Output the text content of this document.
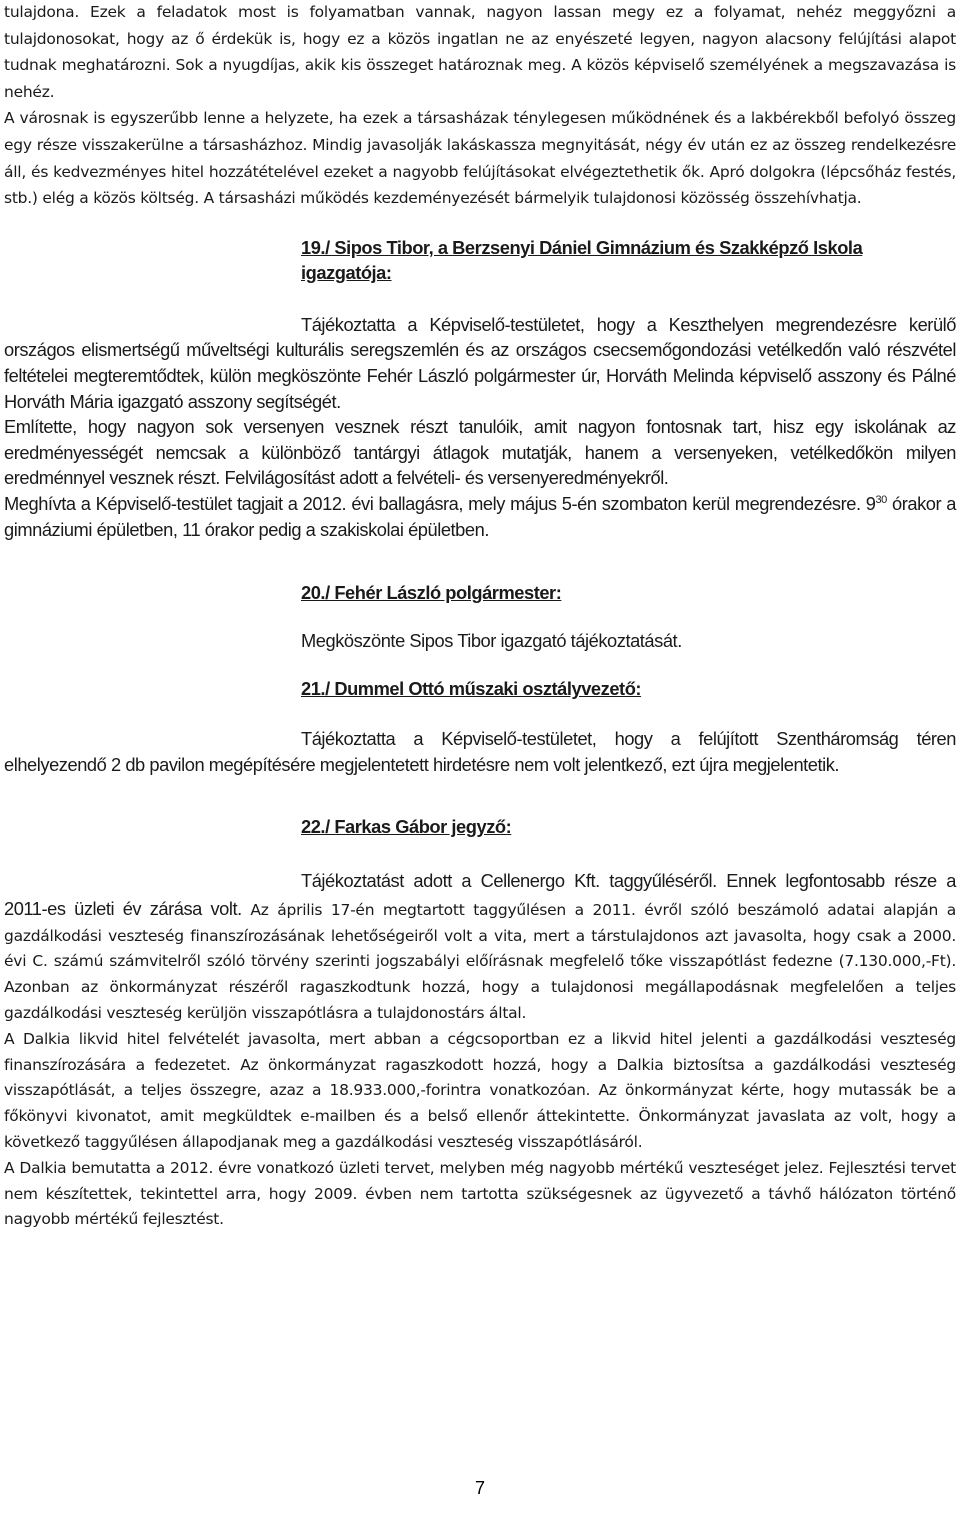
tulajdona. Ezek a feladatok most is folyamatban vannak, nagyon lassan megy ez a folyamat, nehéz meggyőzni a tulajdonosokat, hogy az ő érdekük is, hogy ez a közös ingatlan ne az enyészeté legyen, nagyon alacsony felújítási alapot tudnak meghatározni. Sok a nyugdíjas, akik kis összeget határoznak meg. A közös képviselő személyének a megszavazása is nehéz.

A városnak is egyszerűbb lenne a helyzete, ha ezek a társasházak ténylegesen működnének és a lakbérekből befolyó összeg egy része visszakerülne a társasházhoz. Mindig javasolják lakáskassza megnyitását, négy év után ez az összeg rendelkezésre áll, és kedvezményes hitel hozzátételével ezeket a nagyobb felújításokat elvégeztethetik ők. Apró dolgokra (lépcsőház festés, stb.) elég a közös költség. A társasházi működés kezdeményezését bármelyik tulajdonosi közösség összehívhatja.

19./ Sipos Tibor, a Berzsenyi Dániel Gimnázium és Szakképző Iskola igazgatója:

Tájékoztatta a Képviselő-testületet, hogy a Keszthelyen megrendezésre kerülő országos elismertségű műveltségi kulturális seregszemlén és az országos csecsemőgondozási vetélkedőn való részvétel feltételei megteremtődtek, külön megköszönte Fehér László polgármester úr, Horváth Melinda képviselő asszony és Pálné Horváth Mária igazgató asszony segítségét.

Említette, hogy nagyon sok versenyen vesznek részt tanulóik, amit nagyon fontosnak tart, hisz egy iskolának az eredményességét nemcsak a különböző tantárgyi átlagok mutatják, hanem a versenyeken, vetélkedőkön milyen eredménnyel vesznek részt. Felvilágosítást adott a felvételi- és versenyeredményekről.

Meghívta a Képviselő-testület tagjait a 2012. évi ballagásra, mely május 5-én szombaton kerül megrendezésre. $9^{30}$ órakor a gimnáziumi épületben, 11 órakor pedig a szakiskolai épületben.

20./ Fehér László polgármester:

Megköszönte Sipos Tibor igazgató tájékoztatását.

21./ Dummel Ottó műszaki osztályvezető:

Tájékoztatta a Képviselő-testületet, hogy a felújított Szentháromság téren elhelyezendő 2 db pavilon megépítésére megjelentetett hirdetésre nem volt jelentkező, ezt újra megjelentetik.

22./ Farkas Gábor jegyző:

Tájékoztatást adott a Cellenergo Kft. taggyűléséről. Ennek legfontosabb része a 2011-es üzleti év zárása volt. Az április 17-én megtartott taggyűlésen a 2011. évről szóló beszámoló adatai alapján a gazdálkodási veszteség finanszírozásának lehetőségeiről volt a vita, mert a társtulajdonos azt javasolta, hogy csak a 2000. évi C. számú számvitelről szóló törvény szerinti jogszabályi előírásnak megfelelő tőke visszapótlást fedezne (7.130.000,-Ft). Azonban az önkormányzat részéről ragaszkodtunk hozzá, hogy a tulajdonosi megállapodásnak megfelelően a teljes gazdálkodási veszteség kerüljön visszapótlásra a tulajdonostárs által.

A Dalkia likvid hitel felvételét javasolta, mert abban a cégcsoportban ez a likvid hitel jelenti a gazdálkodási veszteség finanszírozására a fedezetet. Az önkormányzat ragaszkodott hozzá, hogy a Dalkia biztosítsa a gazdálkodási veszteség visszapótlását, a teljes összegre, azaz a 18.933.000,-forintra vonatkozóan. Az önkormányzat kérte, hogy mutassák be a főkönyvi kivonatot, amit megküldtek e-mailben és a belső ellenőr áttekintette. Önkormányzat javaslata az volt, hogy a következő taggyűlésen állapodjanak meg a gazdálkodási veszteség visszapótlásáról.

A Dalkia bemutatta a 2012. évre vonatkozó üzleti tervet, melyben még nagyobb mértékű veszteséget jelez. Fejlesztési tervet nem készítettek, tekintettel arra, hogy 2009. évben nem tartotta szükségesnek az ügyvezető a távhő hálózaton történő nagyobb mértékű fejlesztést.

7
